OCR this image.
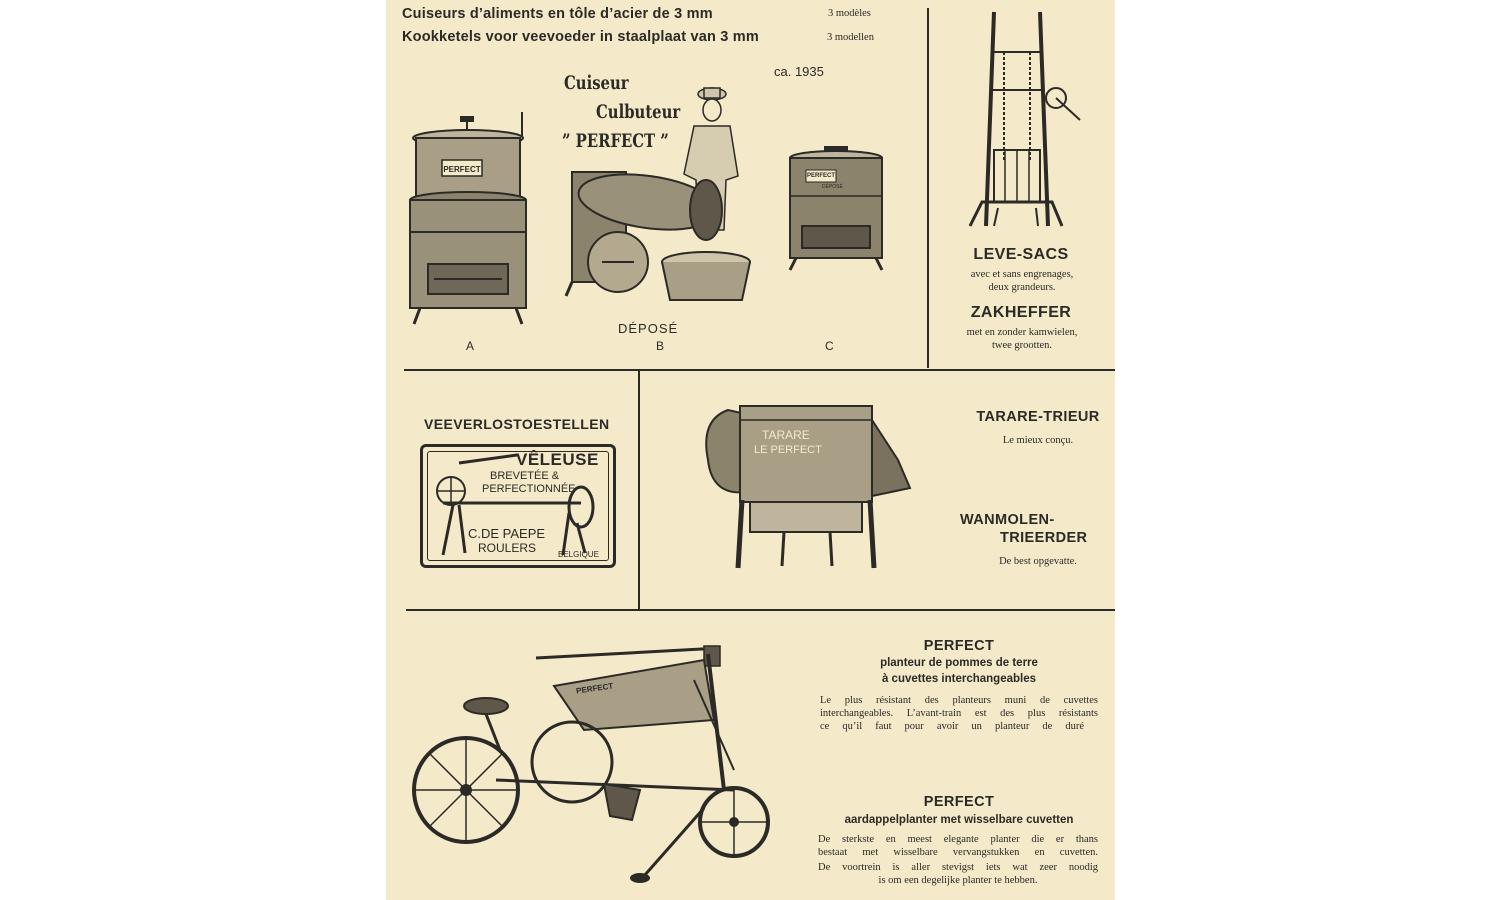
Cuiseurs d’aliments en tôle d’acier de 3 mm
Kookketels voor veevoeder in staalplaat van 3 mm
3 modèles
3 modellen
ca. 1935
Cuiseur
Culbuteur
” PERFECT ”
PERFECT
DÉPOSÉ
PERFECT
DÉPOSÉ
A	B	C
LEVE-SACS
avec et sans engrenages,
deux grandeurs.
ZAKHEFFER
met en zonder kamwielen,
twee grootten.
VEEVERLOSTOESTELLEN
VÊLEUSE
BREVETÉE &
PERFECTIONNÉE
C.DE PAEPE
ROULERS	BELGIQUE
TARARE
LE PERFECT
TARARE-TRIEUR
Le mieux conçu.
WANMOLEN-
TRIEERDER
De best opgevatte.
PERFECT
PERFECT
planteur de pommes de terre
à cuvettes interchangeables
Le plus résistant des planteurs muni de cuvettes
interchangeables. L’avant-train est des plus résistants
ce qu’il faut pour avoir un planteur de duré
PERFECT
aardappelplanter met wisselbare cuvetten
De sterkste en meest elegante planter die er thans
bestaat met wisselbare vervangstukken en cuvetten.
De voortrein is aller stevigst iets wat zeer noodig
is om een degelijke planter te hebben.
